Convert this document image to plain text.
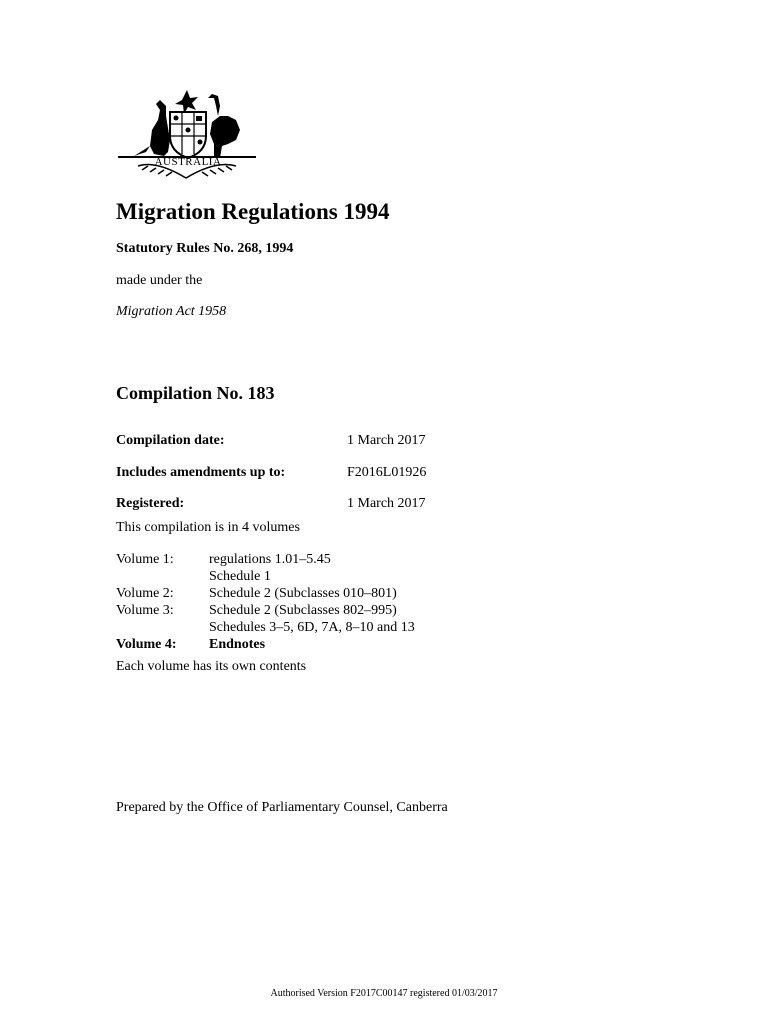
AUSTRALIA
Migration Regulations 1994
Statutory Rules No. 268, 1994
made under the
Migration Act 1958
Compilation No. 183
Compilation date:	1 March 2017
Includes amendments up to:	F2016L01926
Registered:	1 March 2017
This compilation is in 4 volumes
Volume 1:	regulations 1.01–5.45
Schedule 1
Volume 2:	Schedule 2 (Subclasses 010–801)
Volume 3:	Schedule 2 (Subclasses 802–995)
Schedules 3–5, 6D, 7A, 8–10 and 13
Volume 4:	Endnotes
Each volume has its own contents
Prepared by the Office of Parliamentary Counsel, Canberra
Authorised Version F2017C00147 registered 01/03/2017
